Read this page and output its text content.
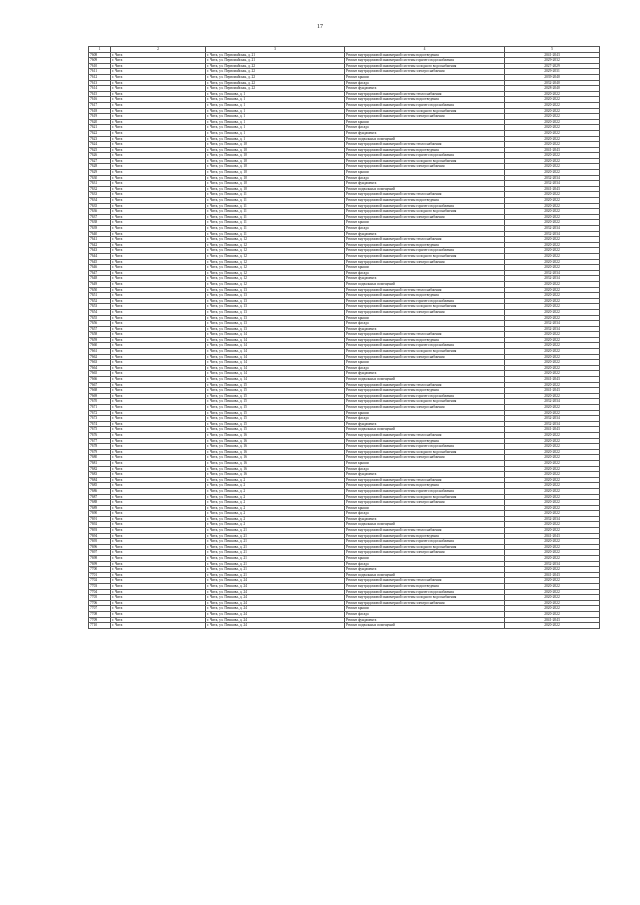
17
1	2	3	4	5
7608	г. Чита	г. Чита, ул. Первомайская, д. 21	Ремонт внутридомовой инженерной системы водоотведения	2041-2043
7609	г. Чита	г. Чита, ул. Первомайская, д. 21	Ремонт внутридомовой инженерной системы горячего водоснабжения	2029-2032
7610	г. Чита	г. Чита, ул. Первомайская, д. 22	Ремонт внутридомовой инженерной системы холодного водоснабжения	2027-2029
7611	г. Чита	г. Чита, ул. Первомайская, д. 22	Ремонт внутридомовой инженерной системы электроснабжения	2029-2031
7612	г. Чита	г. Чита, ул. Первомайская, д. 22	Ремонт крыши	2039-2040
7613	г. Чита	г. Чита, ул. Первомайская, д. 22	Ремонт фасада	2032-2040
7614	г. Чита	г. Чита, ул. Первомайская, д. 22	Ремонт фундамента	2028-2040
7615	г. Чита	г. Чита, ул. Пешкова, д. 1	Ремонт внутридомовой инженерной системы теплоснабжения	2020-2022
7616	г. Чита	г. Чита, ул. Пешкова, д. 1	Ремонт внутридомовой инженерной системы водоотведения	2020-2022
7617	г. Чита	г. Чита, ул. Пешкова, д. 1	Ремонт внутридомовой инженерной системы горячего водоснабжения	2020-2022
7618	г. Чита	г. Чита, ул. Пешкова, д. 1	Ремонт внутридомовой инженерной системы холодного водоснабжения	2020-2022
7619	г. Чита	г. Чита, ул. Пешкова, д. 1	Ремонт внутридомовой инженерной системы электроснабжения	2020-2022
7620	г. Чита	г. Чита, ул. Пешкова, д. 1	Ремонт крыши	2020-2022
7621	г. Чита	г. Чита, ул. Пешкова, д. 1	Ремонт фасада	2020-2022
7622	г. Чита	г. Чита, ул. Пешкова, д. 1	Ремонт фундамента	2020-2022
7623	г. Чита	г. Чита, ул. Пешкова, д. 1	Ремонт подвальных помещений	2020-2022
7624	г. Чита	г. Чита, ул. Пешкова, д. 10	Ремонт внутридомовой инженерной системы теплоснабжения	2020-2022
7625	г. Чита	г. Чита, ул. Пешкова, д. 10	Ремонт внутридомовой инженерной системы водоотведения	2041-2043
7626	г. Чита	г. Чита, ул. Пешкова, д. 10	Ремонт внутридомовой инженерной системы горячего водоснабжения	2020-2022
7627	г. Чита	г. Чита, ул. Пешкова, д. 10	Ремонт внутридомовой инженерной системы холодного водоснабжения	2020-2022
7628	г. Чита	г. Чита, ул. Пешкова, д. 10	Ремонт внутридомовой инженерной системы электроснабжения	2020-2022
7629	г. Чита	г. Чита, ул. Пешкова, д. 10	Ремонт крыши	2020-2022
7630	г. Чита	г. Чита, ул. Пешкова, д. 10	Ремонт фасада	2032-2034
7631	г. Чита	г. Чита, ул. Пешкова, д. 10	Ремонт фундамента	2032-2034
7632	г. Чита	г. Чита, ул. Пешкова, д. 10	Ремонт подвальных помещений	2041-2043
7633	г. Чита	г. Чита, ул. Пешкова, д. 11	Ремонт внутридомовой инженерной системы теплоснабжения	2020-2022
7634	г. Чита	г. Чита, ул. Пешкова, д. 11	Ремонт внутридомовой инженерной системы водоотведения	2020-2022
7635	г. Чита	г. Чита, ул. Пешкова, д. 11	Ремонт внутридомовой инженерной системы горячего водоснабжения	2020-2022
7636	г. Чита	г. Чита, ул. Пешкова, д. 11	Ремонт внутридомовой инженерной системы холодного водоснабжения	2020-2022
7637	г. Чита	г. Чита, ул. Пешкова, д. 11	Ремонт внутридомовой инженерной системы электроснабжения	2020-2022
7638	г. Чита	г. Чита, ул. Пешкова, д. 11	Ремонт крыши	2020-2022
7639	г. Чита	г. Чита, ул. Пешкова, д. 11	Ремонт фасада	2032-2034
7640	г. Чита	г. Чита, ул. Пешкова, д. 11	Ремонт фундамента	2032-2034
7641	г. Чита	г. Чита, ул. Пешкова, д. 12	Ремонт внутридомовой инженерной системы теплоснабжения	2020-2022
7642	г. Чита	г. Чита, ул. Пешкова, д. 12	Ремонт внутридомовой инженерной системы водоотведения	2020-2022
7643	г. Чита	г. Чита, ул. Пешкова, д. 12	Ремонт внутридомовой инженерной системы горячего водоснабжения	2020-2022
7644	г. Чита	г. Чита, ул. Пешкова, д. 12	Ремонт внутридомовой инженерной системы холодного водоснабжения	2020-2022
7645	г. Чита	г. Чита, ул. Пешкова, д. 12	Ремонт внутридомовой инженерной системы электроснабжения	2020-2022
7646	г. Чита	г. Чита, ул. Пешкова, д. 12	Ремонт крыши	2020-2022
7647	г. Чита	г. Чита, ул. Пешкова, д. 12	Ремонт фасада	2032-2034
7648	г. Чита	г. Чита, ул. Пешкова, д. 12	Ремонт фундамента	2032-2034
7649	г. Чита	г. Чита, ул. Пешкова, д. 12	Ремонт подвальных помещений	2020-2022
7650	г. Чита	г. Чита, ул. Пешкова, д. 13	Ремонт внутридомовой инженерной системы теплоснабжения	2020-2022
7651	г. Чита	г. Чита, ул. Пешкова, д. 13	Ремонт внутридомовой инженерной системы водоотведения	2020-2022
7652	г. Чита	г. Чита, ул. Пешкова, д. 13	Ремонт внутридомовой инженерной системы горячего водоснабжения	2020-2022
7653	г. Чита	г. Чита, ул. Пешкова, д. 13	Ремонт внутридомовой инженерной системы холодного водоснабжения	2020-2022
7654	г. Чита	г. Чита, ул. Пешкова, д. 13	Ремонт внутридомовой инженерной системы электроснабжения	2020-2022
7655	г. Чита	г. Чита, ул. Пешкова, д. 13	Ремонт крыши	2020-2022
7656	г. Чита	г. Чита, ул. Пешкова, д. 13	Ремонт фасада	2032-2034
7657	г. Чита	г. Чита, ул. Пешкова, д. 13	Ремонт фундамента	2032-2034
7658	г. Чита	г. Чита, ул. Пешкова, д. 14	Ремонт внутридомовой инженерной системы теплоснабжения	2020-2022
7659	г. Чита	г. Чита, ул. Пешкова, д. 14	Ремонт внутридомовой инженерной системы водоотведения	2020-2022
7660	г. Чита	г. Чита, ул. Пешкова, д. 14	Ремонт внутридомовой инженерной системы горячего водоснабжения	2020-2022
7661	г. Чита	г. Чита, ул. Пешкова, д. 14	Ремонт внутридомовой инженерной системы холодного водоснабжения	2020-2022
7662	г. Чита	г. Чита, ул. Пешкова, д. 14	Ремонт внутридомовой инженерной системы электроснабжения	2020-2022
7663	г. Чита	г. Чита, ул. Пешкова, д. 14	Ремонт крыши	2020-2022
7664	г. Чита	г. Чита, ул. Пешкова, д. 14	Ремонт фасада	2020-2022
7665	г. Чита	г. Чита, ул. Пешкова, д. 14	Ремонт фундамента	2020-2022
7666	г. Чита	г. Чита, ул. Пешкова, д. 14	Ремонт подвальных помещений	2041-2043
7667	г. Чита	г. Чита, ул. Пешкова, д. 15	Ремонт внутридомовой инженерной системы теплоснабжения	2020-2022
7668	г. Чита	г. Чита, ул. Пешкова, д. 15	Ремонт внутридомовой инженерной системы водоотведения	2041-2043
7669	г. Чита	г. Чита, ул. Пешкова, д. 15	Ремонт внутридомовой инженерной системы горячего водоснабжения	2020-2022
7670	г. Чита	г. Чита, ул. Пешкова, д. 15	Ремонт внутридомовой инженерной системы холодного водоснабжения	2032-2034
7671	г. Чита	г. Чита, ул. Пешкова, д. 15	Ремонт внутридомовой инженерной системы электроснабжения	2020-2022
7672	г. Чита	г. Чита, ул. Пешкова, д. 15	Ремонт крыши	2020-2022
7673	г. Чита	г. Чита, ул. Пешкова, д. 15	Ремонт фасада	2032-2034
7674	г. Чита	г. Чита, ул. Пешкова, д. 15	Ремонт фундамента	2032-2034
7675	г. Чита	г. Чита, ул. Пешкова, д. 15	Ремонт подвальных помещений	2041-2043
7676	г. Чита	г. Чита, ул. Пешкова, д. 16	Ремонт внутридомовой инженерной системы теплоснабжения	2020-2022
7677	г. Чита	г. Чита, ул. Пешкова, д. 16	Ремонт внутридомовой инженерной системы водоотведения	2020-2022
7678	г. Чита	г. Чита, ул. Пешкова, д. 16	Ремонт внутридомовой инженерной системы горячего водоснабжения	2020-2022
7679	г. Чита	г. Чита, ул. Пешкова, д. 16	Ремонт внутридомовой инженерной системы холодного водоснабжения	2020-2022
7680	г. Чита	г. Чита, ул. Пешкова, д. 16	Ремонт внутридомовой инженерной системы электроснабжения	2020-2022
7681	г. Чита	г. Чита, ул. Пешкова, д. 16	Ремонт крыши	2020-2022
7682	г. Чита	г. Чита, ул. Пешкова, д. 16	Ремонт фасада	2020-2022
7683	г. Чита	г. Чита, ул. Пешкова, д. 16	Ремонт фундамента	2020-2022
7684	г. Чита	г. Чита, ул. Пешкова, д. 2	Ремонт внутридомовой инженерной системы теплоснабжения	2020-2022
7685	г. Чита	г. Чита, ул. Пешкова, д. 2	Ремонт внутридомовой инженерной системы водоотведения	2020-2022
7686	г. Чита	г. Чита, ул. Пешкова, д. 2	Ремонт внутридомовой инженерной системы горячего водоснабжения	2020-2022
7687	г. Чита	г. Чита, ул. Пешкова, д. 2	Ремонт внутридомовой инженерной системы холодного водоснабжения	2020-2022
7688	г. Чита	г. Чита, ул. Пешкова, д. 2	Ремонт внутридомовой инженерной системы электроснабжения	2020-2022
7689	г. Чита	г. Чита, ул. Пешкова, д. 2	Ремонт крыши	2020-2022
7690	г. Чита	г. Чита, ул. Пешкова, д. 2	Ремонт фасада	2020-2022
7691	г. Чита	г. Чита, ул. Пешкова, д. 2	Ремонт фундамента	2032-2034
7692	г. Чита	г. Чита, ул. Пешкова, д. 2	Ремонт подвальных помещений	2020-2022
7693	г. Чита	г. Чита, ул. Пешкова, д. 21	Ремонт внутридомовой инженерной системы теплоснабжения	2020-2022
7694	г. Чита	г. Чита, ул. Пешкова, д. 21	Ремонт внутридомовой инженерной системы водоотведения	2041-2043
7695	г. Чита	г. Чита, ул. Пешкова, д. 21	Ремонт внутридомовой инженерной системы горячего водоснабжения	2020-2022
7696	г. Чита	г. Чита, ул. Пешкова, д. 21	Ремонт внутридомовой инженерной системы холодного водоснабжения	2020-2022
7697	г. Чита	г. Чита, ул. Пешкова, д. 21	Ремонт внутридомовой инженерной системы электроснабжения	2020-2022
7698	г. Чита	г. Чита, ул. Пешкова, д. 21	Ремонт крыши	2020-2022
7699	г. Чита	г. Чита, ул. Пешкова, д. 21	Ремонт фасада	2032-2034
7700	г. Чита	г. Чита, ул. Пешкова, д. 21	Ремонт фундамента	2020-2022
7701	г. Чита	г. Чита, ул. Пешкова, д. 21	Ремонт подвальных помещений	2041-2043
7702	г. Чита	г. Чита, ул. Пешкова, д. 24	Ремонт внутридомовой инженерной системы теплоснабжения	2020-2022
7703	г. Чита	г. Чита, ул. Пешкова, д. 24	Ремонт внутридомовой инженерной системы водоотведения	2020-2022
7704	г. Чита	г. Чита, ул. Пешкова, д. 24	Ремонт внутридомовой инженерной системы горячего водоснабжения	2020-2022
7705	г. Чита	г. Чита, ул. Пешкова, д. 24	Ремонт внутридомовой инженерной системы холодного водоснабжения	2020-2022
7706	г. Чита	г. Чита, ул. Пешкова, д. 24	Ремонт внутридомовой инженерной системы электроснабжения	2020-2022
7707	г. Чита	г. Чита, ул. Пешкова, д. 24	Ремонт крыши	2020-2022
7708	г. Чита	г. Чита, ул. Пешкова, д. 24	Ремонт фасада	2020-2022
7709	г. Чита	г. Чита, ул. Пешкова, д. 24	Ремонт фундамента	2041-2043
7710	г. Чита	г. Чита, ул. Пешкова, д. 24	Ремонт подвальных помещений	2020-2022
